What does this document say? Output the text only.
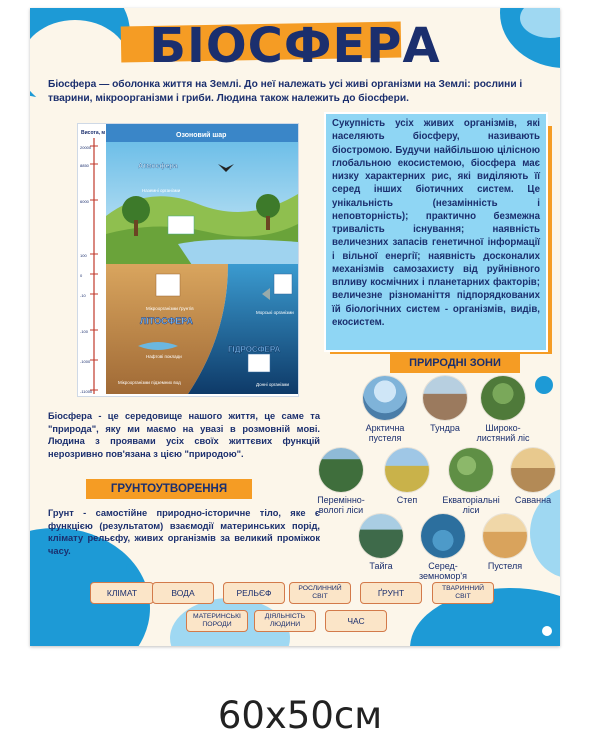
БІОСФЕРА

Біосфера — оболонка життя на Землі. До неї належать усі живі організми на Землі: рослини і тварини, мікроорганізми і гриби. Людина також належить до біосфери.

Висота, м
20000
8850
6000
100
0
-10
-100
-1000
-11000
Озоновий шар
Атмосфера
Наземні організми
Мікроорганізми ґрунтів
ЛІТОСФЕРА
Морські організми
ГІДРОСФЕРА
Нафтові поклади
Мікроорганізми підземних вод	Донні організми

Сукупність усіх живих організмів, які населяють біосферу, називають біостромою. Будучи найбільшою цілісною глобальною екосистемою, біосфера має низку характерних рис, які виділяють її серед інших біотичних систем. Це унікальність (незамінність і неповторність); практично безмежна тривалість існування; наявність величезних запасів генетичної інформації і вільної енергії; наявність досконалих механізмів самозахисту від руйнівного впливу космічних і планетарних факторів; величезне різноманіття підпорядкованих їй біологічних систем - організмів, видів, екосистем.

ПРИРОДНІ ЗОНИ
Арктична пустеля
Тундра	Широко-листяний ліс
Перемінно-вологі ліси
Степ	Екваторіальні ліси
Саванна
Тайга	Серед-земномор'я
Пустеля

Біосфера - це середовище нашого життя, це саме та "природа", яку ми маємо на увазі в розмовній мові. Людина з проявами усіх своїх життєвих функцій нерозривно пов'язана з цією "природою".

ГРУНТОУТВОРЕННЯ

Грунт - самостійне природно-історичне тіло, яке є функцією (результатом) взаємодії материнських порід, клімату рельєфу, живих організмів за великий проміжок часу.

КЛІМАТ	ВОДА	РЕЛЬЄФ	РОСЛИННИЙ СВІТ	ҐРУНТ	ТВАРИННИЙ СВІТ
МАТЕРИНСЬКІ ПОРОДИ
ДІЯЛЬНІСТЬ ЛЮДИНИ	ЧАС

60х50см
